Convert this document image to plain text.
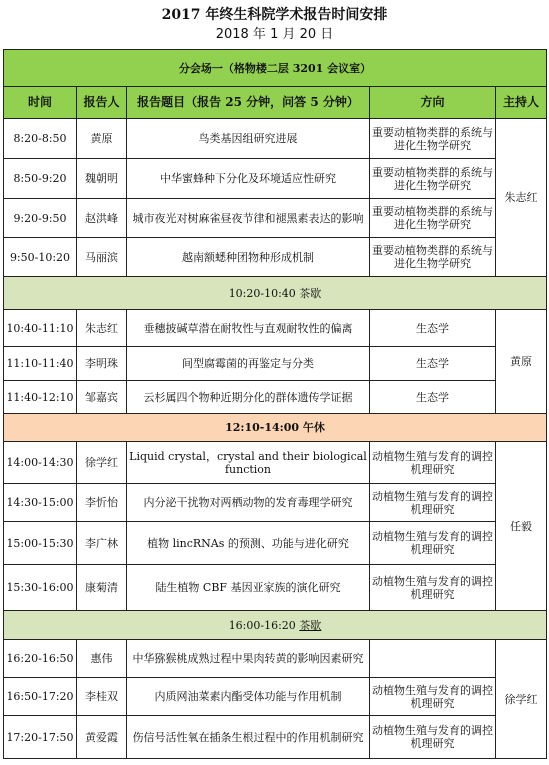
2017 年终生科院学术报告时间安排
2018 年 1 月 20 日
分会场一（格物楼二层 3201 会议室）				
时间	报告人	报告题目（报告 25 分钟，问答 5 分钟）	方向	主持人
8:20-8:50	黄原	鸟类基因组研究进展	重要动植物类群的系统与进化生物学研究	朱志红
8:50-9:20	魏朝明	中华蜜蜂种下分化及环境适应性研究	重要动植物类群的系统与进化生物学研究	
9:20-9:50	赵洪峰	城市夜光对树麻雀昼夜节律和褪黑素表达的影响	重要动植物类群的系统与进化生物学研究	
9:50-10:20	马丽滨	越南额蟋种团物种形成机制	重要动植物类群的系统与进化生物学研究	
10:20-10:40 茶歇				
10:40-11:10	朱志红	垂穗披碱草潜在耐牧性与直观耐牧性的偏离	生态学	黄原
11:10-11:40	李明珠	间型腐霉菌的再鉴定与分类	生态学	
11:40-12:10	邹嘉宾	云杉属四个物种近期分化的群体遗传学证据	生态学	
12:10-14:00 午休				
14:00-14:30	徐学红	Liquid crystal，crystal and their biological function	动植物生殖与发育的调控机理研究	任毅
14:30-15:00	李忻怡	内分泌干扰物对两栖动物的发育毒理学研究	动植物生殖与发育的调控机理研究	
15:00-15:30	李广林	植物 lincRNAs 的预测、功能与进化研究	动植物生殖与发育的调控机理研究	
15:30-16:00	康菊清	陆生植物 CBF 基因亚家族的演化研究	动植物生殖与发育的调控机理研究	
16:00-16:20 茶歇				
16:20-16:50	惠伟	中华猕猴桃成熟过程中果肉转黄的影响因素研究		徐学红
16:50-17:20	李桂双	内质网油菜素内酯受体功能与作用机制	动植物生殖与发育的调控机理研究	
17:20-17:50	黄爱霞	伤信号活性氧在插条生根过程中的作用机制研究	动植物生殖与发育的调控机理研究	
